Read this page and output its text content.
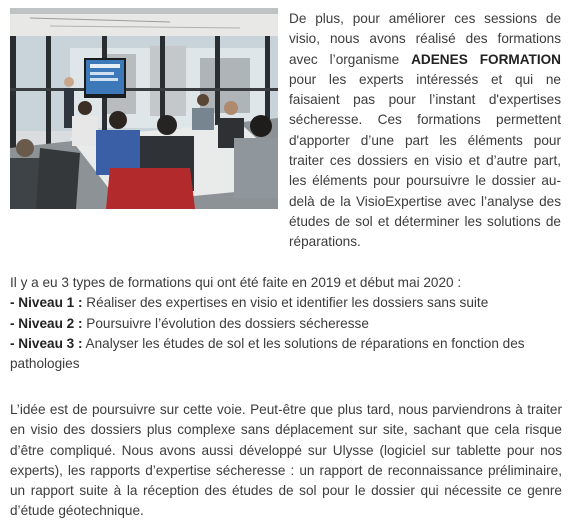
De plus, pour améliorer ces sessions de visio, nous avons réalisé des formations avec l’organisme ADENES FORMATION pour les experts intéressés et qui ne faisaient pas pour l’instant d'expertises sécheresse. Ces formations permettent d'apporter d’une part les éléments pour traiter ces dossiers en visio et d’autre part, les éléments pour poursuivre le dossier au-delà de la VisioExpertise avec l’analyse des études de sol et déterminer les solutions de réparations.

Il y a eu 3 types de formations qui ont été faite en 2019 et début mai 2020 :

- Niveau 1 : Réaliser des expertises en visio et identifier les dossiers sans suite

- Niveau 2 : Poursuivre l’évolution des dossiers sécheresse

- Niveau 3 : Analyser les études de sol et les solutions de réparations en fonction des pathologies

L’idée est de poursuivre sur cette voie. Peut-être que plus tard, nous parviendrons à traiter en visio des dossiers plus complexe sans déplacement sur site, sachant que cela risque d’être compliqué. Nous avons aussi développé sur Ulysse (logiciel sur tablette pour nos experts), les rapports d’expertise sécheresse : un rapport de reconnaissance préliminaire, un rapport suite à la réception des études de sol pour le dossier qui nécessite ce genre d’étude géotechnique.
